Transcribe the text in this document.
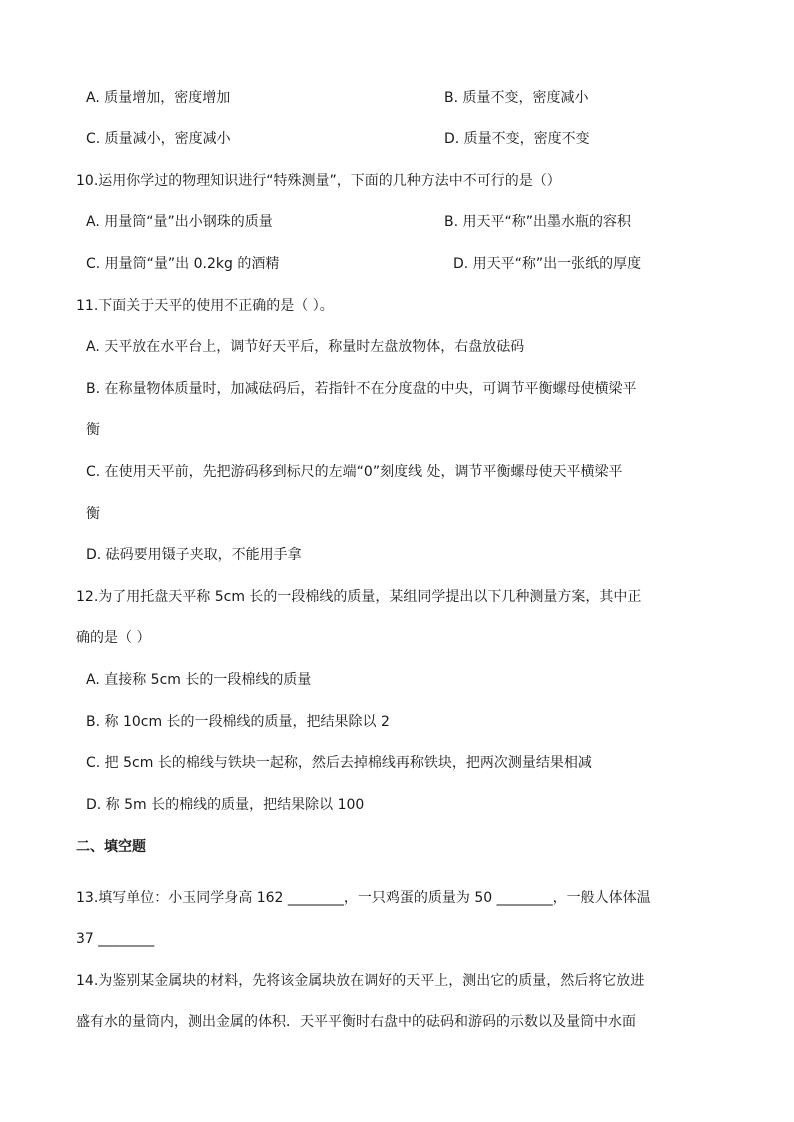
A. 质量增加，密度增加	B. 质量不变，密度减小
C. 质量减小，密度减小	D. 质量不变，密度不变
10.运用你学过的物理知识进行“特殊测量”，下面的几种方法中不可行的是（）
A. 用量筒“量”出小钢珠的质量	B. 用天平“称”出墨水瓶的容积
C. 用量筒“量”出 0.2kg 的酒精	D. 用天平“称”出一张纸的厚度
11.下面关于天平的使用不正确的是（ ）。
A. 天平放在水平台上，调节好天平后，称量时左盘放物体，右盘放砝码
B. 在称量物体质量时，加减砝码后，若指针不在分度盘的中央，可调节平衡螺母使横梁平
衡
C. 在使用天平前，先把游码移到标尺的左端“0”刻度线 处，调节平衡螺母使天平横梁平
衡
D. 砝码要用镊子夹取，不能用手拿
12.为了用托盘天平称 5cm 长的一段棉线的质量，某组同学提出以下几种测量方案，其中正
确的是（ ）
A. 直接称 5cm 长的一段棉线的质量
B. 称 10cm 长的一段棉线的质量，把结果除以 2
C. 把 5cm 长的棉线与铁块一起称，然后去掉棉线再称铁块，把两次测量结果相减
D. 称 5m 长的棉线的质量，把结果除以 100
二、填空题
13.填写单位：小玉同学身高 162 ________，一只鸡蛋的质量为 50 ________，一般人体体温
37 ________
14.为鉴别某金属块的材料，先将该金属块放在调好的天平上，测出它的质量，然后将它放进
盛有水的量筒内，测出金属的体积．天平平衡时右盘中的砝码和游码的示数以及量筒中水面
